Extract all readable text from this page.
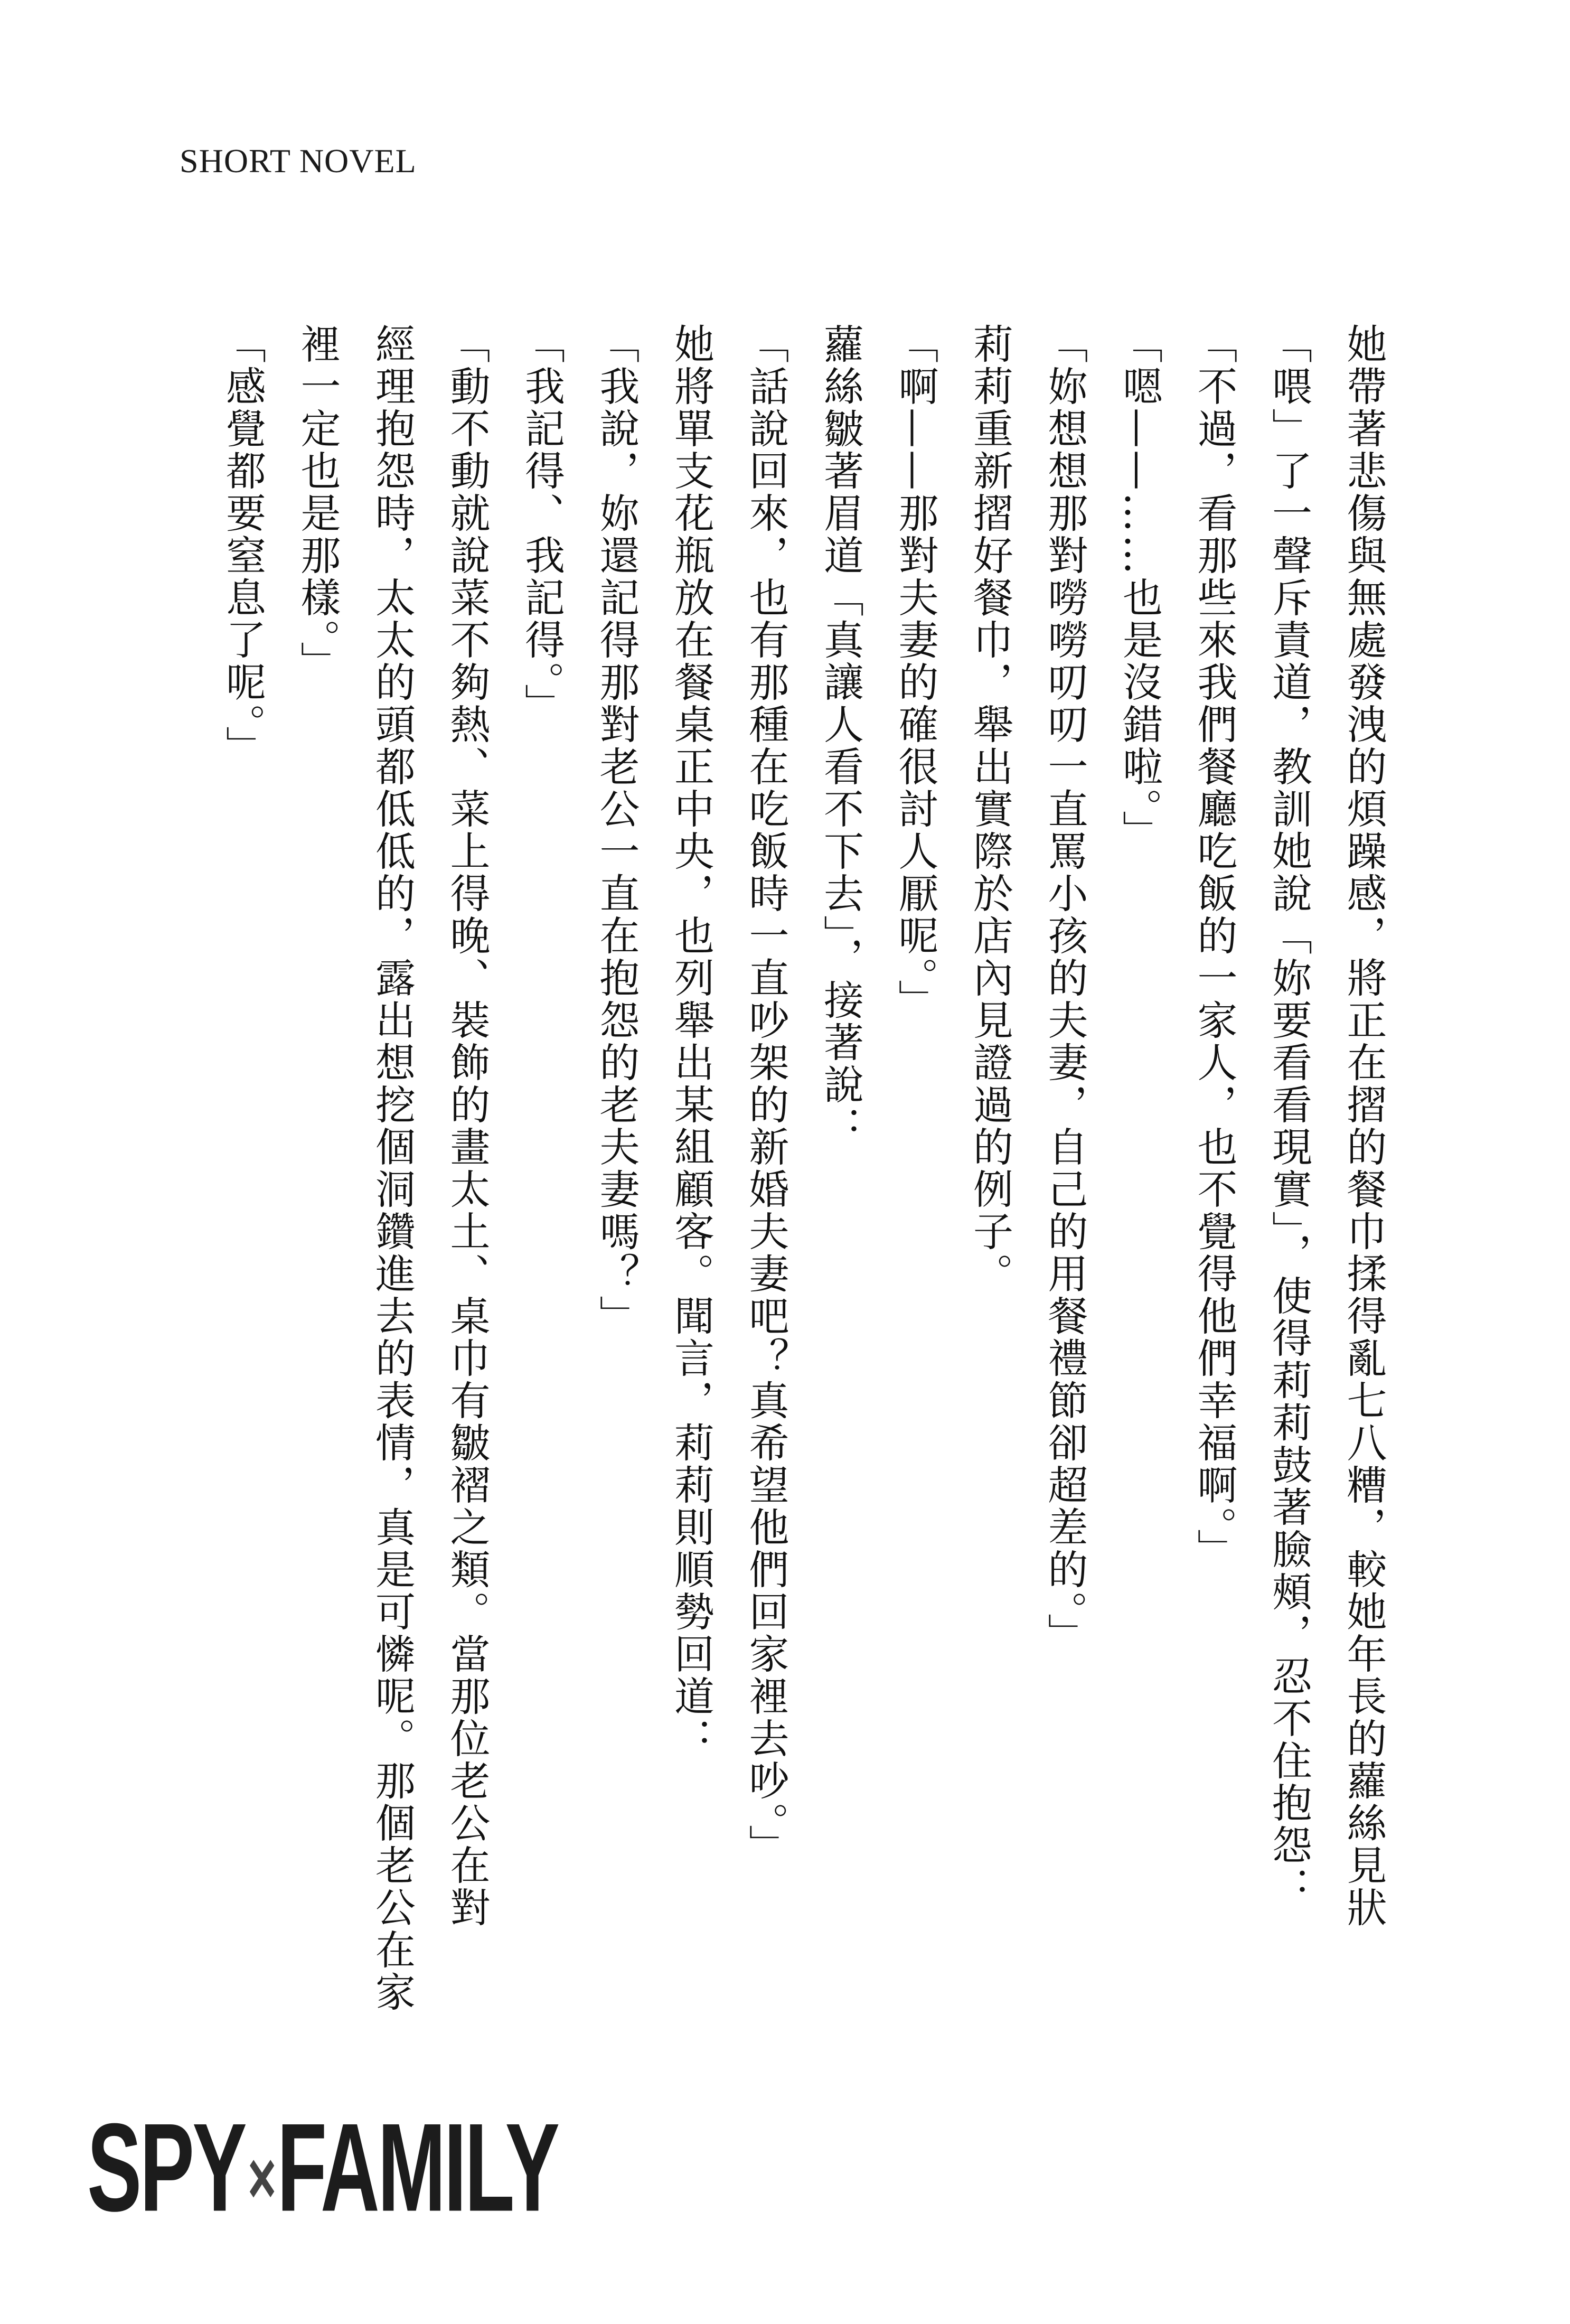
SHORT NOVEL
她帶著悲傷與無處發洩的煩躁感，將正在摺的餐巾揉得亂七八糟，較她年長的蘿絲見狀
「喂」了一聲斥責道，教訓她說「妳要看看現實」，使得莉莉鼓著臉頰，忍不住抱怨：
「不過，看那些來我們餐廳吃飯的一家人，也不覺得他們幸福啊。」
「嗯——……也是沒錯啦。」
「妳想想那對嘮嘮叨叨一直罵小孩的夫妻，自己的用餐禮節卻超差的。」
莉莉重新摺好餐巾，舉出實際於店內見證過的例子。
「啊——那對夫妻的確很討人厭呢。」
蘿絲皺著眉道「真讓人看不下去」，接著說：
「話說回來，也有那種在吃飯時一直吵架的新婚夫妻吧？真希望他們回家裡去吵。」
她將單支花瓶放在餐桌正中央，也列舉出某組顧客。聞言，莉莉則順勢回道：
「我說，妳還記得那對老公一直在抱怨的老夫妻嗎？」
「我記得、我記得。」
「動不動就說菜不夠熱、菜上得晚、裝飾的畫太土、桌巾有皺褶之類。當那位老公在對
經理抱怨時，太太的頭都低低的，露出想挖個洞鑽進去的表情，真是可憐呢。那個老公在家
裡一定也是那樣。」
「感覺都要窒息了呢。」
SPY×FAMILY
